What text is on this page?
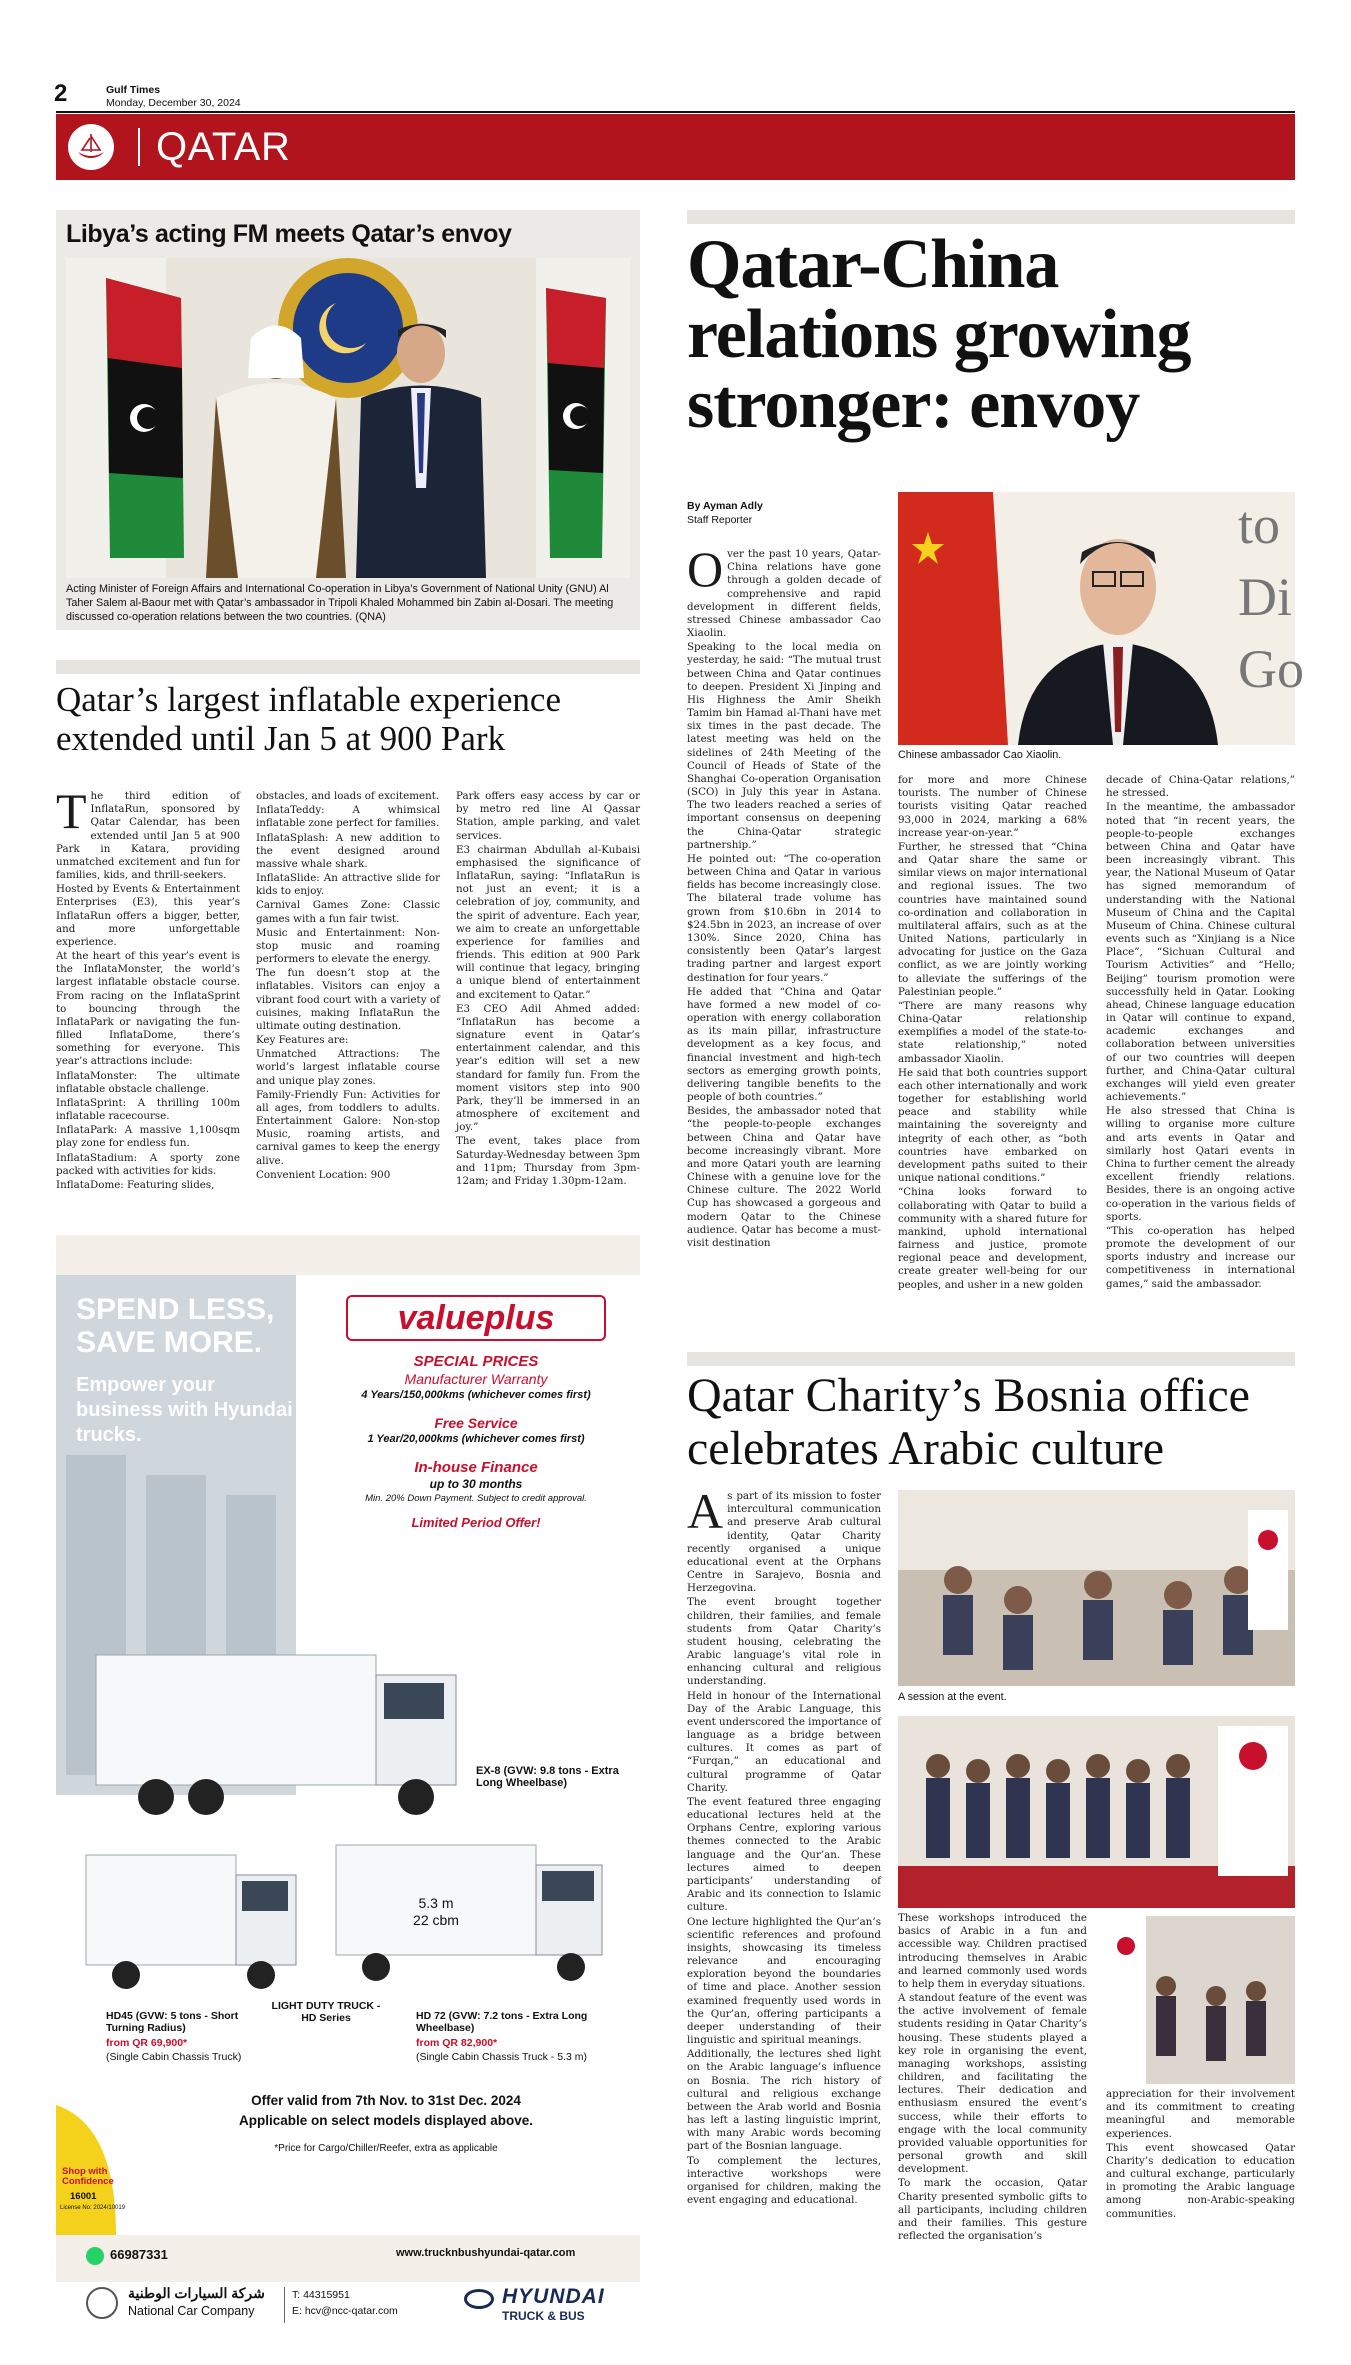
2	Gulf Times
Monday, December 30, 2024
QATAR
Libya’s acting FM meets Qatar’s envoy
Acting Minister of Foreign Affairs and International Co-operation in Libya’s Government of National Unity (GNU) Al Taher Salem al-Baour met with Qatar’s ambassador in Tripoli Khaled Mohammed bin Zabin al-Dosari. The meeting discussed co-operation relations between the two countries. (QNA)
Qatar’s largest inflatable experience extended until Jan 5 at 900 Park
T he third edition of InflataRun, sponsored by Qatar Calendar, has been extended until Jan 5 at 900 Park in Katara, providing unmatched excitement and fun for families, kids, and thrill-seekers.

Hosted by Events & Entertainment Enterprises (E3), this year’s InflataRun offers a bigger, better, and more unforgettable experience.

At the heart of this year’s event is the InflataMonster, the world’s largest inflatable obstacle course. From racing on the InflataSprint to bouncing through the InflataPark or navigating the fun-filled InflataDome, there’s something for everyone. This year’s attractions include:

InflataMonster: The ultimate inflatable obstacle challenge.

InflataSprint: A thrilling 100m inflatable racecourse.

InflataPark: A massive 1,100sqm play zone for endless fun.

InflataStadium: A sporty zone packed with activities for kids.

InflataDome: Featuring slides,

obstacles, and loads of excitement.

InflataTeddy: A whimsical inflatable zone perfect for families.

InflataSplash: A new addition to the event designed around massive whale shark.

InflataSlide: An attractive slide for kids to enjoy.

Carnival Games Zone: Classic games with a fun fair twist.

Music and Entertainment: Non-stop music and roaming performers to elevate the energy.

The fun doesn’t stop at the inflatables. Visitors can enjoy a vibrant food court with a variety of cuisines, making InflataRun the ultimate outing destination.

Key Features are:

Unmatched Attractions: The world’s largest inflatable course and unique play zones.

Family-Friendly Fun: Activities for all ages, from toddlers to adults. Entertainment Galore: Non-stop Music, roaming artists, and carnival games to keep the energy alive.

Convenient Location: 900

Park offers easy access by car or by metro red line Al Qassar Station, ample parking, and valet services.

E3 chairman Abdullah al-Kubaisi emphasised the significance of InflataRun, saying: “InflataRun is not just an event; it is a celebration of joy, community, and the spirit of adventure. Each year, we aim to create an unforgettable experience for families and friends. This edition at 900 Park will continue that legacy, bringing a unique blend of entertainment and excitement to Qatar.”

E3 CEO Adil Ahmed added: “InflataRun has become a signature event in Qatar’s entertainment calendar, and this year’s edition will set a new standard for family fun. From the moment visitors step into 900 Park, they’ll be immersed in an atmosphere of excitement and joy.”

The event, takes place from Saturday-Wednesday between 3pm and 11pm; Thursday from 3pm-12am; and Friday 1.30pm-12am.

SPEND LESS, SAVE MORE.
Empower your business with Hyundai trucks.
valueplus
SPECIAL PRICES
Manufacturer Warranty
4 Years/150,000kms (whichever comes first)
Free Service
1 Year/20,000kms (whichever comes first)
In-house Finance
up to 30 months
Min. 20% Down Payment. Subject to credit approval.
Limited Period Offer!
EX-8 (GVW: 9.8 tons - Extra Long Wheelbase)
5.3 m
22 cbm
HD45 (GVW: 5 tons - Short Turning Radius)
from QR 69,900*
(Single Cabin Chassis Truck)
LIGHT DUTY TRUCK - HD Series	HD 72 (GVW: 7.2 tons - Extra Long Wheelbase)
from QR 82,900*
(Single Cabin Chassis Truck - 5.3 m)
Offer valid from 7th Nov. to 31st Dec. 2024
Applicable on select models displayed above.
*Price for Cargo/Chiller/Reefer, extra as applicable
Shop with Confidence
16001
License No: 2024/10019
66987331	www.trucknbushyundai-qatar.com
شركة السيارات الوطنية
National Car Company
T: 44315951
E: hcv@ncc-qatar.com
HYUNDAI
TRUCK & BUS
Qatar-China relations growing stronger: envoy
By Ayman Adly
Staff Reporter	to
Di
Go
Chinese ambassador Cao Xiaolin.
O ver the past 10 years, Qatar-China relations have gone through a golden decade of comprehensive and rapid development in different fields, stressed Chinese ambassador Cao Xiaolin.

Speaking to the local media on yesterday, he said: “The mutual trust between China and Qatar continues to deepen. President Xi Jinping and His Highness the Amir Sheikh Tamim bin Hamad al-Thani have met six times in the past decade. The latest meeting was held on the sidelines of 24th Meeting of the Council of Heads of State of the Shanghai Co-operation Organisation (SCO) in July this year in Astana. The two leaders reached a series of important consensus on deepening the China-Qatar strategic partnership.”

He pointed out: “The co-operation between China and Qatar in various fields has become increasingly close. The bilateral trade volume has grown from $10.6bn in 2014 to $24.5bn in 2023, an increase of over 130%. Since 2020, China has consistently been Qatar’s largest trading partner and largest export destination for four years.”

He added that “China and Qatar have formed a new model of co-operation with energy collaboration as its main pillar, infrastructure development as a key focus, and financial investment and high-tech sectors as emerging growth points, delivering tangible benefits to the people of both countries.”

Besides, the ambassador noted that “the people-to-people exchanges between China and Qatar have become increasingly vibrant. More and more Qatari youth are learning Chinese with a genuine love for the Chinese culture. The 2022 World Cup has showcased a gorgeous and modern Qatar to the Chinese audience. Qatar has become a must-visit destination

for more and more Chinese tourists. The number of Chinese tourists visiting Qatar reached 93,000 in 2024, marking a 68% increase year-on-year.”

Further, he stressed that “China and Qatar share the same or similar views on major international and regional issues. The two countries have maintained sound co-ordination and collaboration in multilateral affairs, such as at the United Nations, particularly in advocating for justice on the Gaza conflict, as we are jointly working to alleviate the sufferings of the Palestinian people.”

“There are many reasons why China-Qatar relationship exemplifies a model of the state-to-state relationship,” noted ambassador Xiaolin.

He said that both countries support each other internationally and work together for establishing world peace and stability while maintaining the sovereignty and integrity of each other, as “both countries have embarked on development paths suited to their unique national conditions.”

“China looks forward to collaborating with Qatar to build a community with a shared future for mankind, uphold international fairness and justice, promote regional peace and development, create greater well-being for our peoples, and usher in a new golden

decade of China-Qatar relations,” he stressed.

In the meantime, the ambassador noted that “in recent years, the people-to-people exchanges between China and Qatar have been increasingly vibrant. This year, the National Museum of Qatar has signed memorandum of understanding with the National Museum of China and the Capital Museum of China. Chinese cultural events such as “Xinjiang is a Nice Place”, “Sichuan Cultural and Tourism Activities” and “Hello; Beijing” tourism promotion were successfully held in Qatar. Looking ahead, Chinese language education in Qatar will continue to expand, academic exchanges and collaboration between universities of our two countries will deepen further, and China-Qatar cultural exchanges will yield even greater achievements.”

He also stressed that China is willing to organise more culture and arts events in Qatar and similarly host Qatari events in China to further cement the already excellent friendly relations. Besides, there is an ongoing active co-operation in the various fields of sports.

“This co-operation has helped promote the development of our sports industry and increase our competitiveness in international games,” said the ambassador.

Qatar Charity’s Bosnia office celebrates Arabic culture
A session at the event.
A s part of its mission to foster intercultural communication and preserve Arab cultural identity, Qatar Charity recently organised a unique educational event at the Orphans Centre in Sarajevo, Bosnia and Herzegovina.

The event brought together children, their families, and female students from Qatar Charity’s student housing, celebrating the Arabic language’s vital role in enhancing cultural and religious understanding.

Held in honour of the International Day of the Arabic Language, this event underscored the importance of language as a bridge between cultures. It comes as part of “Furqan,” an educational and cultural programme of Qatar Charity.

The event featured three engaging educational lectures held at the Orphans Centre, exploring various themes connected to the Arabic language and the Qur’an. These lectures aimed to deepen participants’ understanding of Arabic and its connection to Islamic culture.

One lecture highlighted the Qur’an’s scientific references and profound insights, showcasing its timeless relevance and encouraging exploration beyond the boundaries of time and place. Another session examined frequently used words in the Qur’an, offering participants a deeper understanding of their linguistic and spiritual meanings.

Additionally, the lectures shed light on the Arabic language’s influence on Bosnia. The rich history of cultural and religious exchange between the Arab world and Bosnia has left a lasting linguistic imprint, with many Arabic words becoming part of the Bosnian language.

To complement the lectures, interactive workshops were organised for children, making the event engaging and educational.

These workshops introduced the basics of Arabic in a fun and accessible way. Children practised introducing themselves in Arabic and learned commonly used words to help them in everyday situations.

A standout feature of the event was the active involvement of female students residing in Qatar Charity’s housing. These students played a key role in organising the event, managing workshops, assisting children, and facilitating the lectures. Their dedication and enthusiasm ensured the event’s success, while their efforts to engage with the local community provided valuable opportunities for personal growth and skill development.

To mark the occasion, Qatar Charity presented symbolic gifts to all participants, including children and their families. This gesture reflected the organisation’s

appreciation for their involvement and its commitment to creating meaningful and memorable experiences.

This event showcased Qatar Charity’s dedication to education and cultural exchange, particularly in promoting the Arabic language among non-Arabic-speaking communities.
